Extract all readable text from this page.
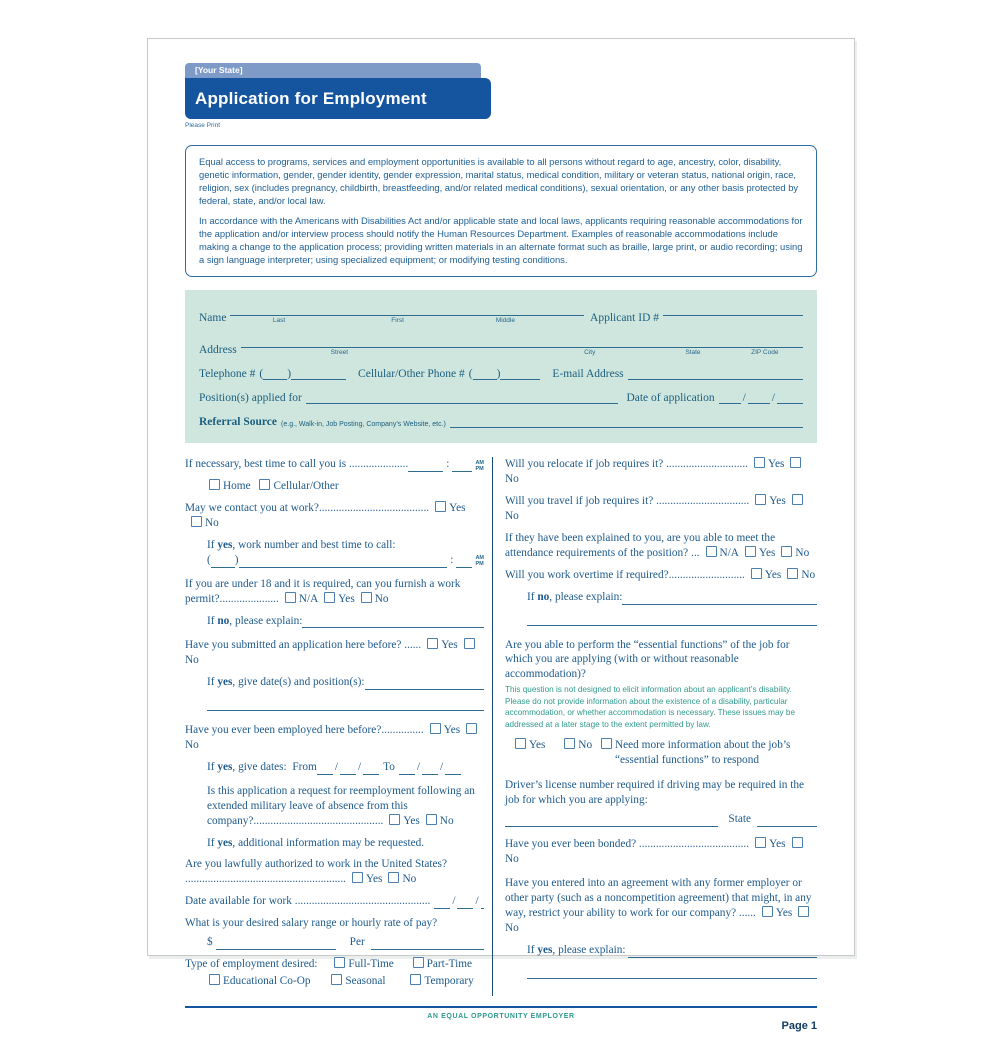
[Your State]
Application for Employment
Please Print

Equal access to programs, services and employment opportunities is available to all persons without regard to age, ancestry, color, disability, genetic information, gender, gender identity, gender expression, marital status, medical condition, military or veteran status, national origin, race, religion, sex (includes pregnancy, childbirth, breastfeeding, and/or related medical conditions), sexual orientation, or any other basis protected by federal, state, and/or local law.

In accordance with the Americans with Disabilities Act and/or applicable state and local laws, applicants requiring reasonable accommodations for the application and/or interview process should notify the Human Resources Department. Examples of reasonable accommodations include making a change to the application process; providing written materials in an alternate format such as braille, large print, or audio recording; using a sign language interpreter; using specialized equipment; or modifying testing conditions.

Name	Last	First	Middle	Applicant ID #

Address	Street	City	State	ZIP Code
Telephone # ( )	Cellular/Other Phone # ( )	E-mail Address
Position(s) applied for	Date of application	/ /
Referral Source (e.g., Walk-in, Job Posting, Company’s Website, etc.)
If necessary, best time to call you is .....................	:	AM
PM
Home Cellular/Other
May we contact you at work?....................................... YesNo
If yes, work number and best time to call:
( )	:	AM
PM
If you are under 18 and it is required, can you furnish a work permit?..................... N/A Yes No
If no, please explain:
Have you submitted an application here before? ...... YesNo
If yes, give date(s) and position(s):
Have you ever been employed here before?............... YesNo
If yes, give dates: From / /	To	/ /
Is this application a request for reemployment following an extended military leave of absence from this company?.............................................. Yes No
If yes, additional information may be requested.
Are you lawfully authorized to work in the United States? ......................................................... Yes No
Date available for work ................................................ / /
What is your desired salary range or hourly rate of pay?
$	Per
Type of employment desired:	Full-Time	Part-Time
Educational Co-Op	Seasonal	Temporary
Will you relocate if job requires it? ............................. YesNo
Will you travel if job requires it? ................................. YesNo
If they have been explained to you, are you able to meet the attendance requirements of the position? ... N/A Yes No
Will you work overtime if required?........................... Yes No
If no, please explain:
Are you able to perform the “essential functions” of the job for which you are applying (with or without reasonable accommodation)?
This question is not designed to elicit information about an applicant’s disability. Please do not provide information about the existence of a disability, particular accommodation, or whether accommodation is necessary. These issues may be addressed at a later stage to the extent permitted by law.
Yes	No	Need more information about the job’s “essential functions” to respond
Driver’s license number required if driving may be required in the job for which you are applying:
State
Have you ever been bonded? ....................................... YesNo
Have you entered into an agreement with any former employer or other party (such as a noncompetition agreement) that might, in any way, restrict your ability to work for our company? ...... YesNo
If yes, please explain:
AN EQUAL OPPORTUNITY EMPLOYER
Page 1
